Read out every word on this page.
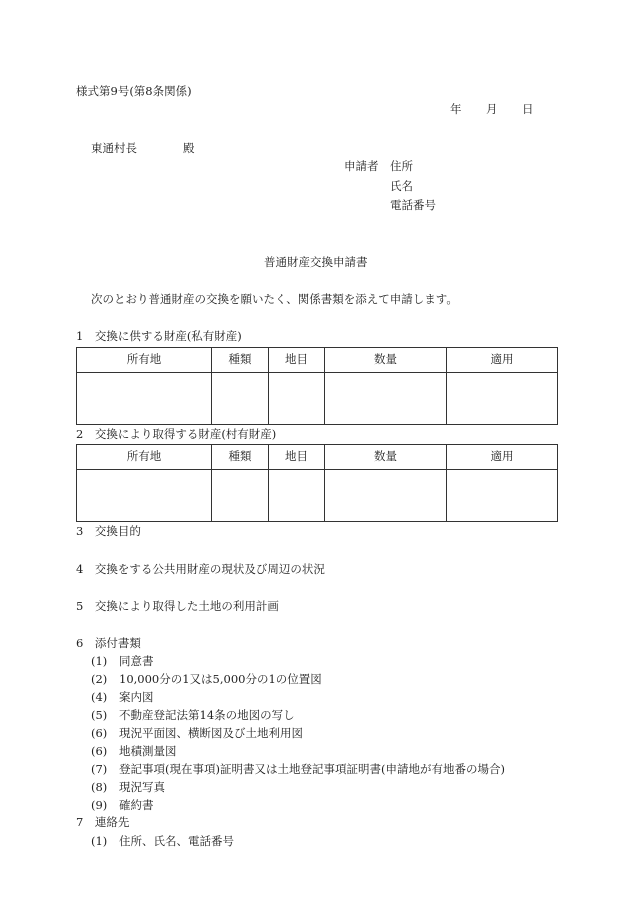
様式第9号(第8条関係)
年 月 日
東通村長	殿
申請者 住所
氏名
電話番号
普通財産交換申請書
次のとおり普通財産の交換を願いたく、関係書類を添えて申請します。
1　交換に供する財産(私有財産)
所有地	種類	地目	数量	適用

2　交換により取得する財産(村有財産)
所有地	種類	地目	数量	適用

3　交換目的
4　交換をする公共用財産の現状及び周辺の状況
5　交換により取得した土地の利用計画
6　添付書類
(1) 同意書
(2) 10,000分の1又は5,000分の1の位置図
(4) 案内図
(5) 不動産登記法第14条の地図の写し
(6) 現況平面図、横断図及び土地利用図
(6) 地積測量図
(7) 登記事項(現在事項)証明書又は土地登記事項証明書(申請地が有地番の場合)
(8) 現況写真
(9) 確約書
7　連絡先
(1) 住所、氏名、電話番号
